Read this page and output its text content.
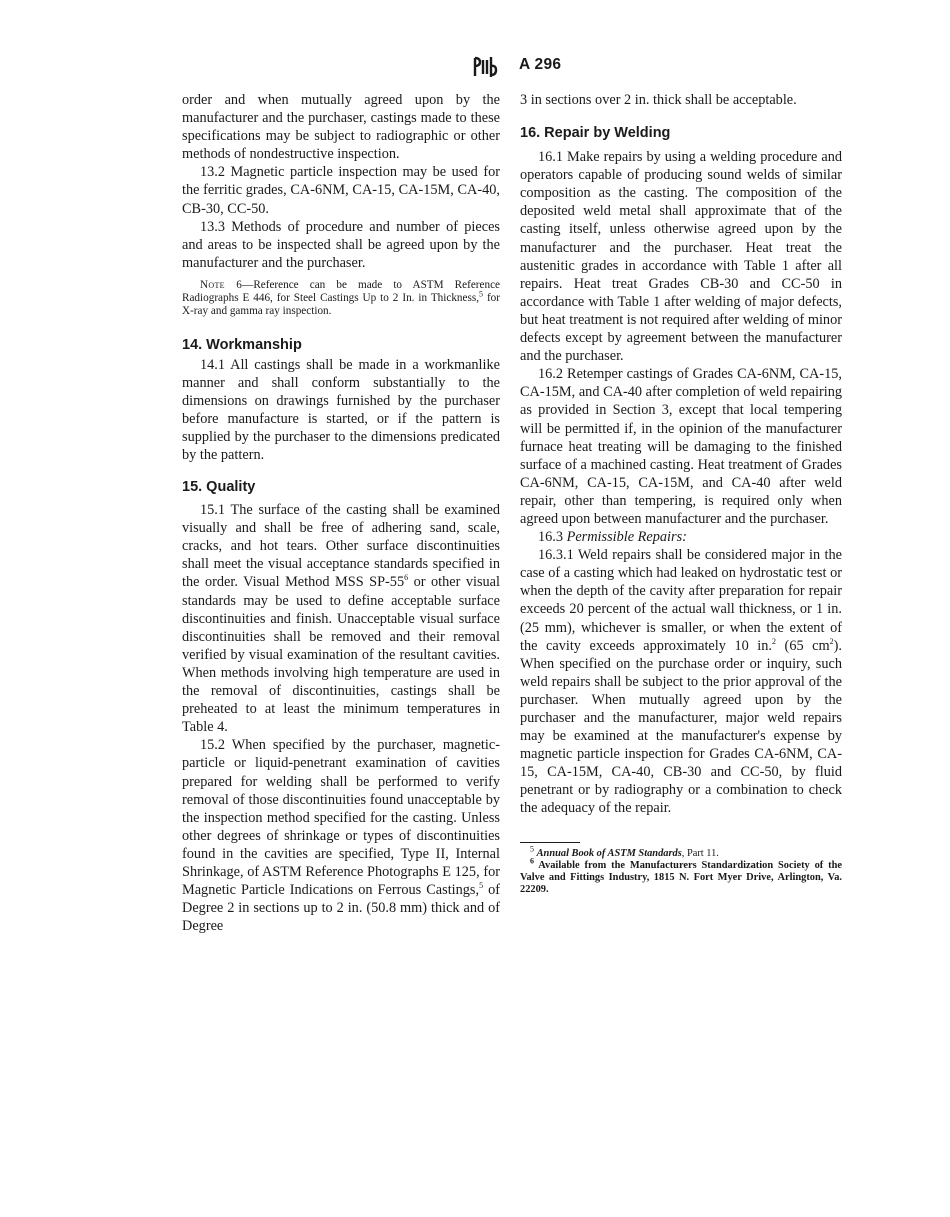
A 296

order and when mutually agreed upon by the manufacturer and the purchaser, castings made to these specifications may be subject to radiographic or other methods of nondestructive inspection.

13.2 Magnetic particle inspection may be used for the ferritic grades, CA-6NM, CA-15, CA-15M, CA-40, CB-30, CC-50.

13.3 Methods of procedure and number of pieces and areas to be inspected shall be agreed upon by the manufacturer and the purchaser.

Note 6—Reference can be made to ASTM Reference Radiographs E 446, for Steel Castings Up to 2 In. in Thickness,$^5$ for X-ray and gamma ray inspection.

14. Workmanship

14.1 All castings shall be made in a workmanlike manner and shall conform substantially to the dimensions on drawings furnished by the purchaser before manufacture is started, or if the pattern is supplied by the purchaser to the dimensions predicated by the pattern.

15. Quality

15.1 The surface of the casting shall be examined visually and shall be free of adhering sand, scale, cracks, and hot tears. Other surface discontinuities shall meet the visual acceptance standards specified in the order. Visual Method MSS $SP-55^6$ or other visual standards may be used to define acceptable surface discontinuities and finish. Unacceptable visual surface discontinuities shall be removed and their removal verified by visual examination of the resultant cavities. When methods involving high temperature are used in the removal of discontinuities, castings shall be preheated to at least the minimum temperatures in Table 4.

15.2 When specified by the purchaser, magnetic-particle or liquid-penetrant examination of cavities prepared for welding shall be performed to verify removal of those discontinuities found unacceptable by the inspection method specified for the casting. Unless other degrees of shrinkage or types of discontinuities found in the cavities are specified, Type II, Internal Shrinkage, of ASTM Reference Photographs E 125, for Magnetic Particle Indications on Ferrous Castings,$^5$ of Degree 2 in sections up to 2 in. (50.8 mm) thick and of Degree

3 in sections over 2 in. thick shall be acceptable.

16. Repair by Welding

16.1 Make repairs by using a welding procedure and operators capable of producing sound welds of similar composition as the casting. The composition of the deposited weld metal shall approximate that of the casting itself, unless otherwise agreed upon by the manufacturer and the purchaser. Heat treat the austenitic grades in accordance with Table 1 after all repairs. Heat treat Grades CB-30 and CC-50 in accordance with Table 1 after welding of major defects, but heat treatment is not required after welding of minor defects except by agreement between the manufacturer and the purchaser.

16.2 Retemper castings of Grades CA-6NM, CA-15, CA-15M, and CA-40 after completion of weld repairing as provided in Section 3, except that local tempering will be permitted if, in the opinion of the manufacturer furnace heat treating will be damaging to the finished surface of a machined casting. Heat treatment of Grades CA-6NM, CA-15, CA-15M, and CA-40 after weld repair, other than tempering, is required only when agreed upon between manufacturer and the purchaser.

16.3 Permissible Repairs:

16.3.1 Weld repairs shall be considered major in the case of a casting which had leaked on hydrostatic test or when the depth of the cavity after preparation for repair exceeds 20 percent of the actual wall thickness, or 1 in. (25 mm), whichever is smaller, or when the extent of the cavity exceeds approximately 10 in.$^2$ (65 $cm^2$). When specified on the purchase order or inquiry, such weld repairs shall be subject to the prior approval of the purchaser. When mutually agreed upon by the purchaser and the manufacturer, major weld repairs may be examined at the manufacturer's expense by magnetic particle inspection for Grades CA-6NM, CA-15, CA-15M, CA-40, CB-30 and CC-50, by fluid penetrant or by radiography or a combination to check the adequacy of the repair.

$^5$ Annual Book of ASTM Standards, Part 11.

$^6$ Available from the Manufacturers Standardization Society of the Valve and Fittings Industry, 1815 N. Fort Myer Drive, Arlington, Va. 22209.
